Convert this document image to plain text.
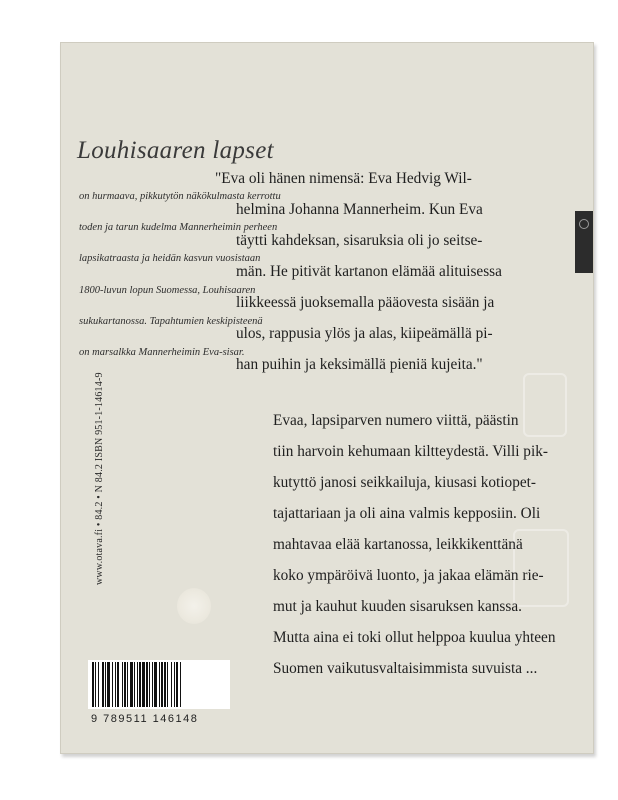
Louhisaaren lapset
on hurmaava, pikkutytön näkökulmasta kerrottu
toden ja tarun kudelma Mannerheimin perheen
lapsikatraasta ja heidän kasvun vuosistaan
1800-luvun lopun Suomessa, Louhisaaren
sukukartanossa. Tapahtumien keskipisteenä
on marsalkka Mannerheimin Eva-sisar.
"Eva oli hänen nimensä: Eva Hedvig Wil-
helmina Johanna Mannerheim. Kun Eva
täytti kahdeksan, sisaruksia oli jo seitse-
män. He pitivät kartanon elämää alituisessa
liikkeessä juoksemalla pääovesta sisään ja
ulos, rappusia ylös ja alas, kiipeämällä pi-
han puihin ja keksimällä pieniä kujeita."
Evaa, lapsiparven numero viittä, päästin
tiin harvoin kehumaan kiltteydestä. Villi pik-
kutyttö janosi seikkailuja, kiusasi kotiopet-
tajattariaan ja oli aina valmis kepposiin. Oli
mahtavaa elää kartanossa, leikkikenttänä
koko ympäröivä luonto, ja jakaa elämän rie-
mut ja kauhut kuuden sisaruksen kanssa.
Mutta aina ei toki ollut helppoa kuulua yhteen
Suomen vaikutusvaltaisimmista suvuista ...
www.otava.fi • 84.2 • N 84.2 ISBN 951-1-14614-9
9 789511 146148
